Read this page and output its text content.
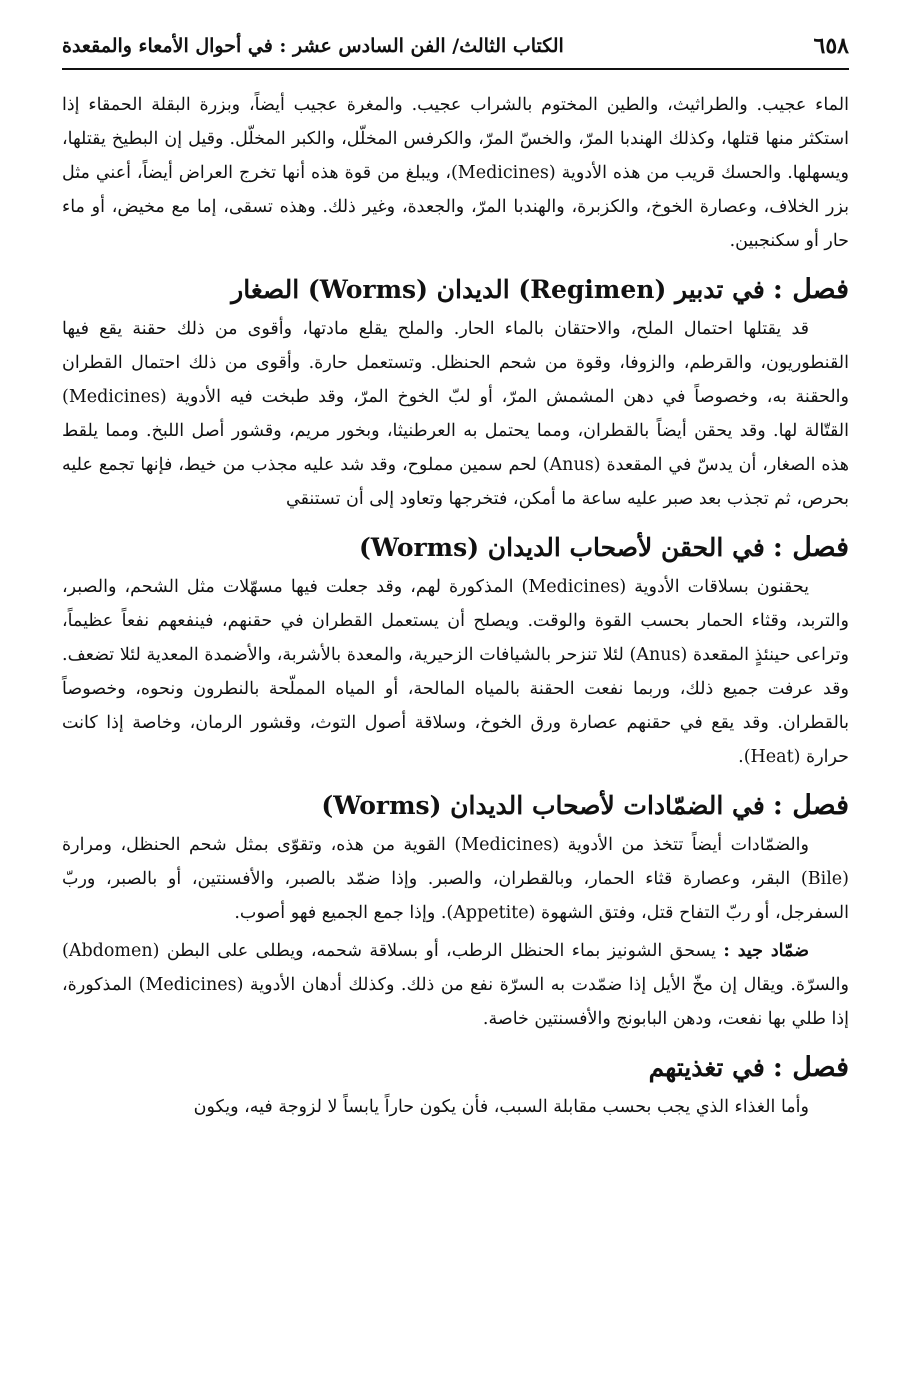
٦٥٨
الكتاب الثالث/ الفن السادس عشر : في أحوال الأمعاء والمقعدة

الماء عجيب. والطراثيث، والطين المختوم بالشراب عجيب. والمغرة عجيب أيضاً، وبزرة البقلة الحمقاء إذا استكثر منها قتلها، وكذلك الهندبا المرّ، والخسّ المرّ، والكرفس المخلّل، والكبر المخلّل. وقيل إن البطيخ يقتلها، ويسهلها. والحسك قريب من هذه الأدوية (Medicines)، ويبلغ من قوة هذه أنها تخرج العراض أيضاً، أعني مثل بزر الخلاف، وعصارة الخوخ، والكزبرة، والهندبا المرّ، والجعدة، وغير ذلك. وهذه تسقى، إما مع مخيض، أو ماء حار أو سكنجبين.

فصل :
في تدبير (Regimen) الديدان (Worms) الصغار

قد يقتلها احتمال الملح، والاحتقان بالماء الحار. والملح يقلع مادتها، وأقوى من ذلك حقنة يقع فيها القنطوريون، والقرطم، والزوفا، وقوة من شحم الحنظل. وتستعمل حارة. وأقوى من ذلك احتمال القطران والحقنة به، وخصوصاً في دهن المشمش المرّ، أو لبّ الخوخ المرّ، وقد طبخت فيه الأدوية (Medicines) القتّالة لها. وقد يحقن أيضاً بالقطران، ومما يحتمل به العرطنيثا، وبخور مريم، وقشور أصل اللبخ. ومما يلقط هذه الصغار، أن يدسّ في المقعدة (Anus) لحم سمين مملوح، وقد شد عليه مجذب من خيط، فإنها تجمع عليه بحرص، ثم تجذب بعد صبر عليه ساعة ما أمكن، فتخرجها وتعاود إلى أن تستنقي

فصل :
في الحقن لأصحاب الديدان (Worms)

يحقنون بسلاقات الأدوية (Medicines) المذكورة لهم، وقد جعلت فيها مسهّلات مثل الشحم، والصبر، والتربد، وقثاء الحمار بحسب القوة والوقت. ويصلح أن يستعمل القطران في حقنهم، فينفعهم نفعاً عظيماً، وتراعى حينئذٍ المقعدة (Anus) لئلا تنزحر بالشيافات الزحيرية، والمعدة بالأشربة، والأضمدة المعدية لئلا تضعف. وقد عرفت جميع ذلك، وربما نفعت الحقنة بالمياه المالحة، أو المياه المملّحة بالنطرون ونحوه، وخصوصاً بالقطران. وقد يقع في حقنهم عصارة ورق الخوخ، وسلاقة أصول التوث، وقشور الرمان، وخاصة إذا كانت حرارة (Heat).

فصل :
في الضمّادات لأصحاب الديدان (Worms)

والضمّادات أيضاً تتخذ من الأدوية (Medicines) القوية من هذه، وتقوّى بمثل شحم الحنظل، ومرارة (Bile) البقر، وعصارة قثاء الحمار، وبالقطران، والصبر. وإذا ضمّد بالصبر، والأفسنتين، أو بالصبر، وربّ السفرجل، أو ربّ التفاح قتل، وفتق الشهوة (Appetite). وإذا جمع الجميع فهو أصوب.

ضمّاد جيد : يسحق الشونيز بماء الحنظل الرطب، أو بسلاقة شحمه، ويطلى على البطن (Abdomen) والسرّة. ويقال إن مخّ الأيل إذا ضمّدت به السرّة نفع من ذلك. وكذلك أدهان الأدوية (Medicines) المذكورة، إذا طلي بها نفعت، ودهن البابونج والأفسنتين خاصة.

فصل :
في تغذيتهم

وأما الغذاء الذي يجب بحسب مقابلة السبب، فأن يكون حاراً يابساً لا لزوجة فيه، ويكون
